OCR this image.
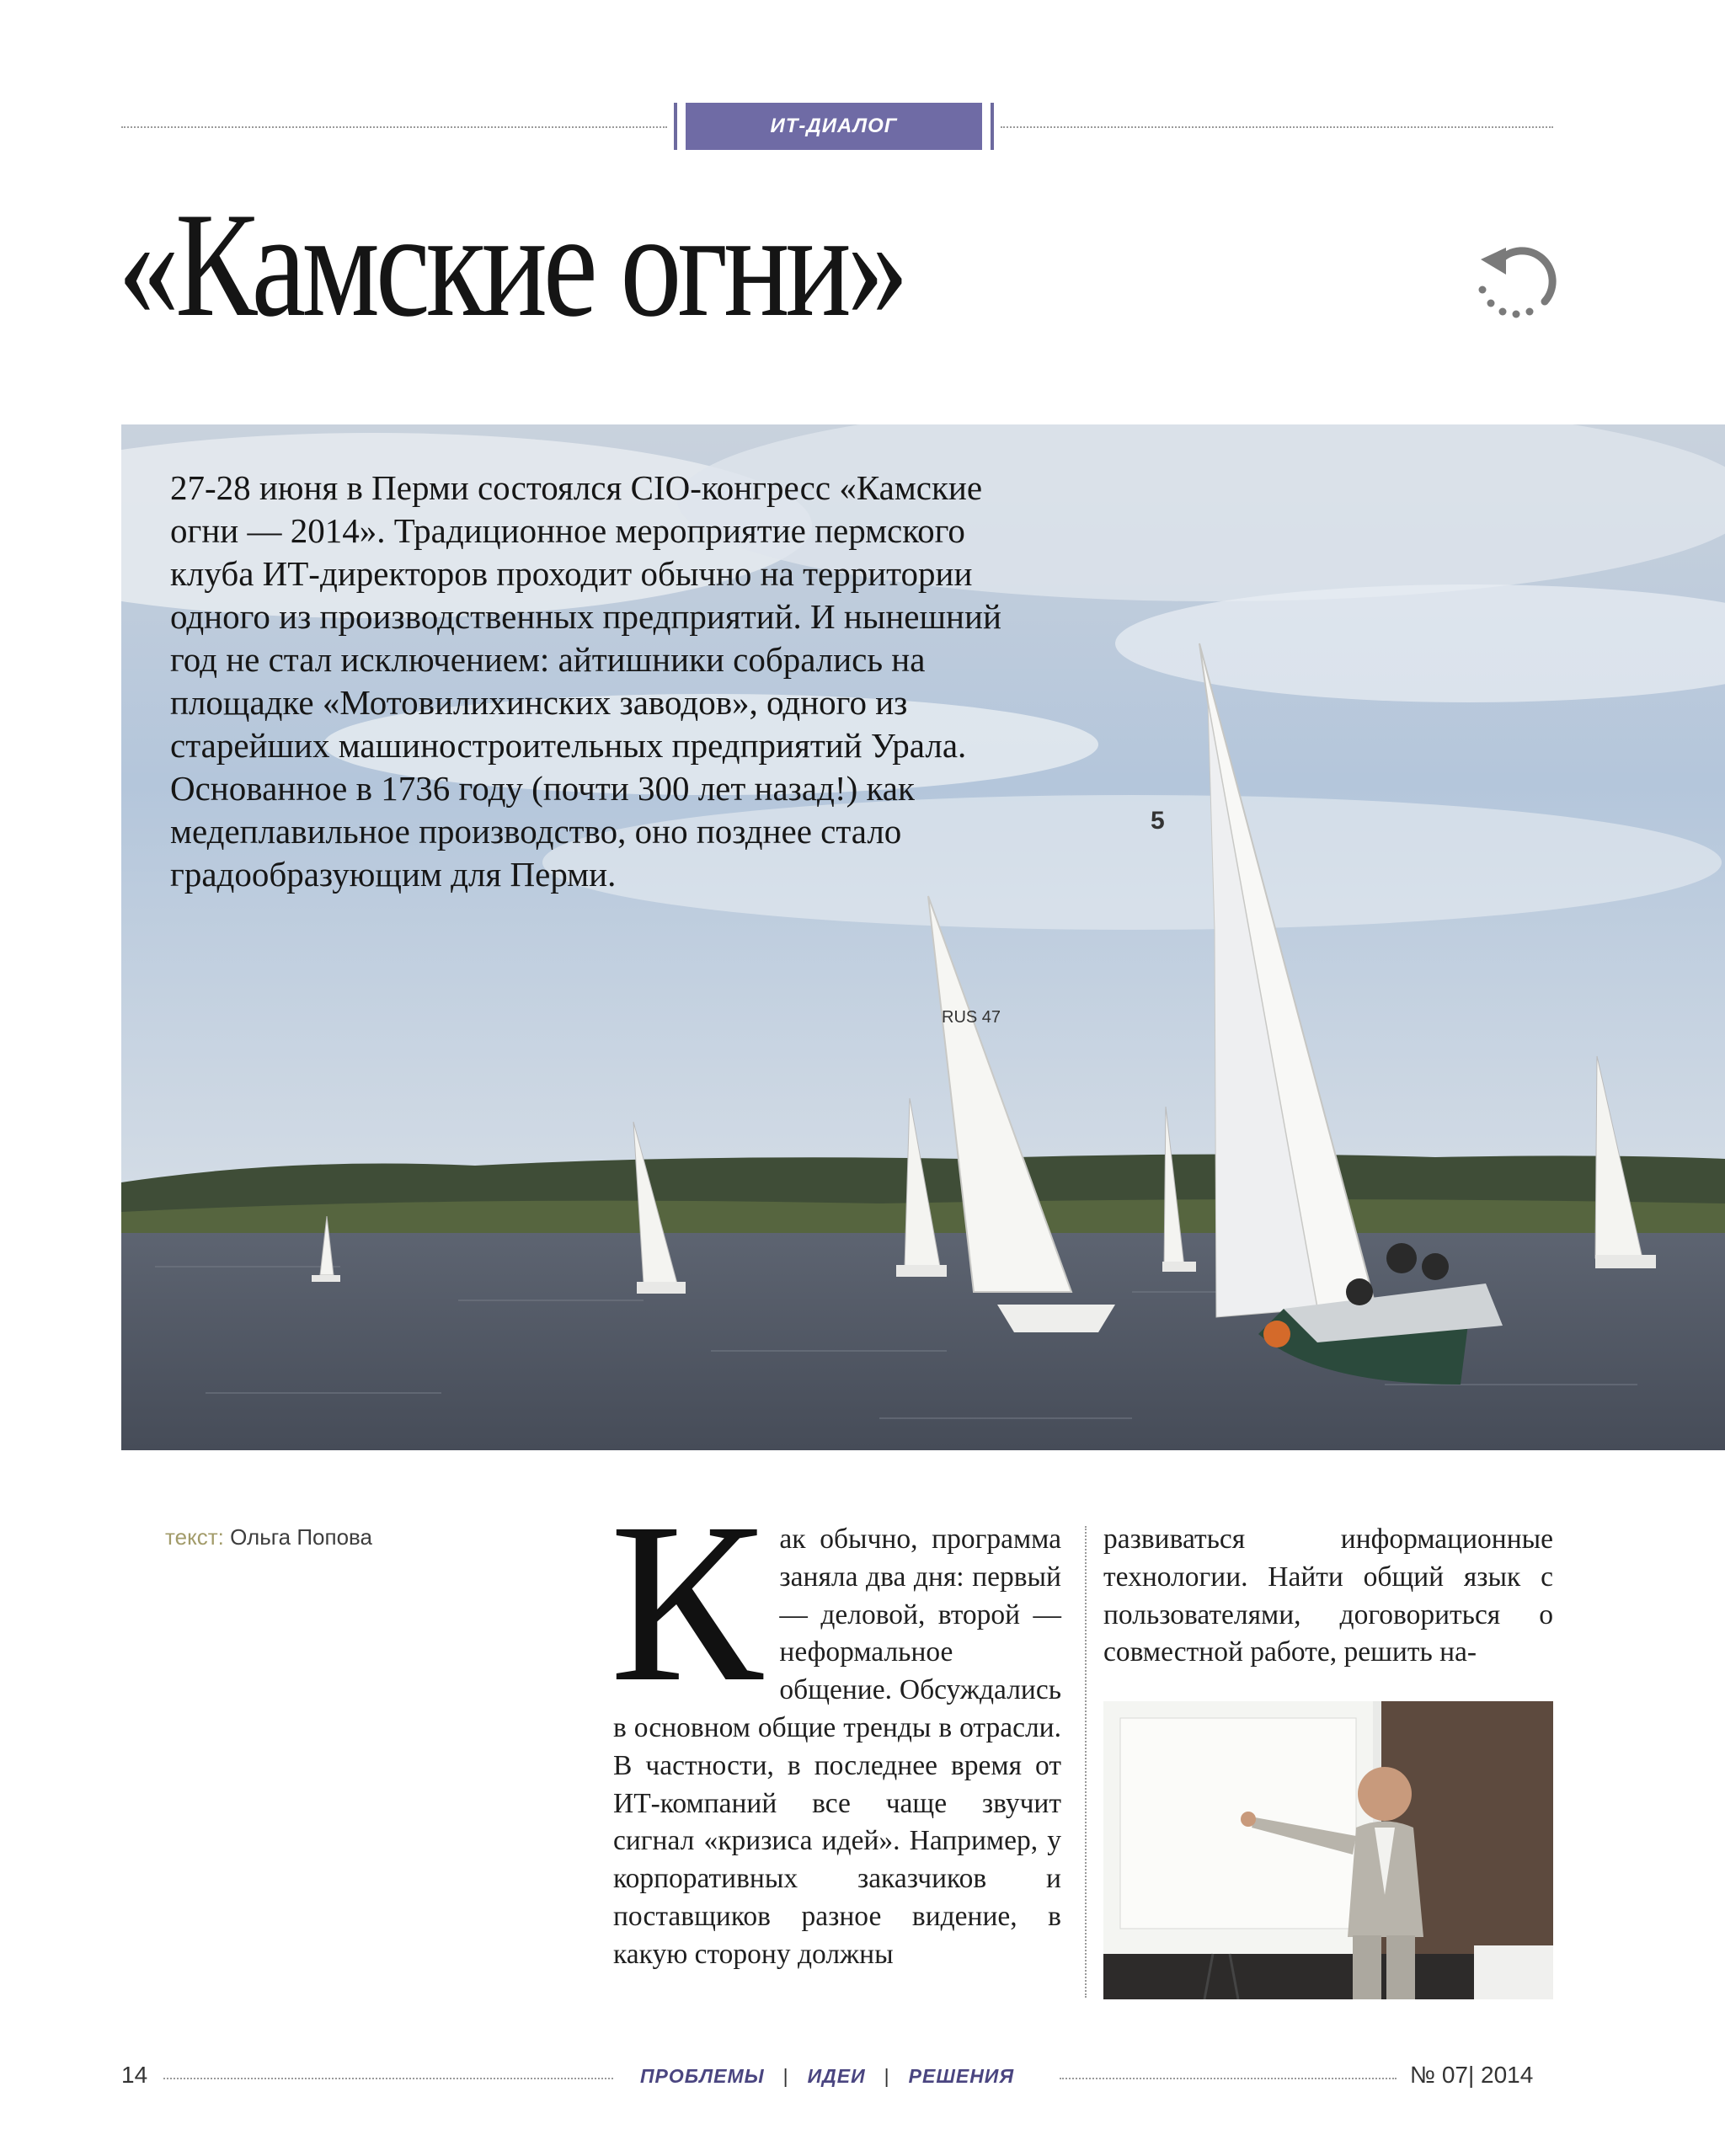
ИТ-ДИАЛОГ
«Камские огни»
RUS 47
5

27-28 июня в Перми состоялся CIO-конгресс «Камские огни — 2014». Традиционное мероприятие пермского клуба ИТ-директоров проходит обычно на территории одного из производственных предприятий. И нынешний год не стал исключением: айтишники собрались на площадке «Мотовилихинских заводов», одного из старейших машиностроительных предприятий Урала. Основанное в 1736 году (почти 300 лет назад!) как медеплавильное производство, оно позднее стало градообразующим для Перми.

текст: Ольга Попова Как обычно, программа заняла два дня: первый — деловой, второй — неформальное общение. Обсуждались в основном общие тренды в отрасли. В частности, в последнее время от ИТ-компаний все чаще звучит сигнал «кризиса идей». Например, у корпоративных заказчиков и поставщиков разное видение, в какую сторону должны

развиваться информационные технологии. Найти общий язык с пользователями, договориться о совместной работе, решить на-

14	ПРОБЛЕМЫ | ИДЕИ | РЕШЕНИЯ	№ 07| 2014
